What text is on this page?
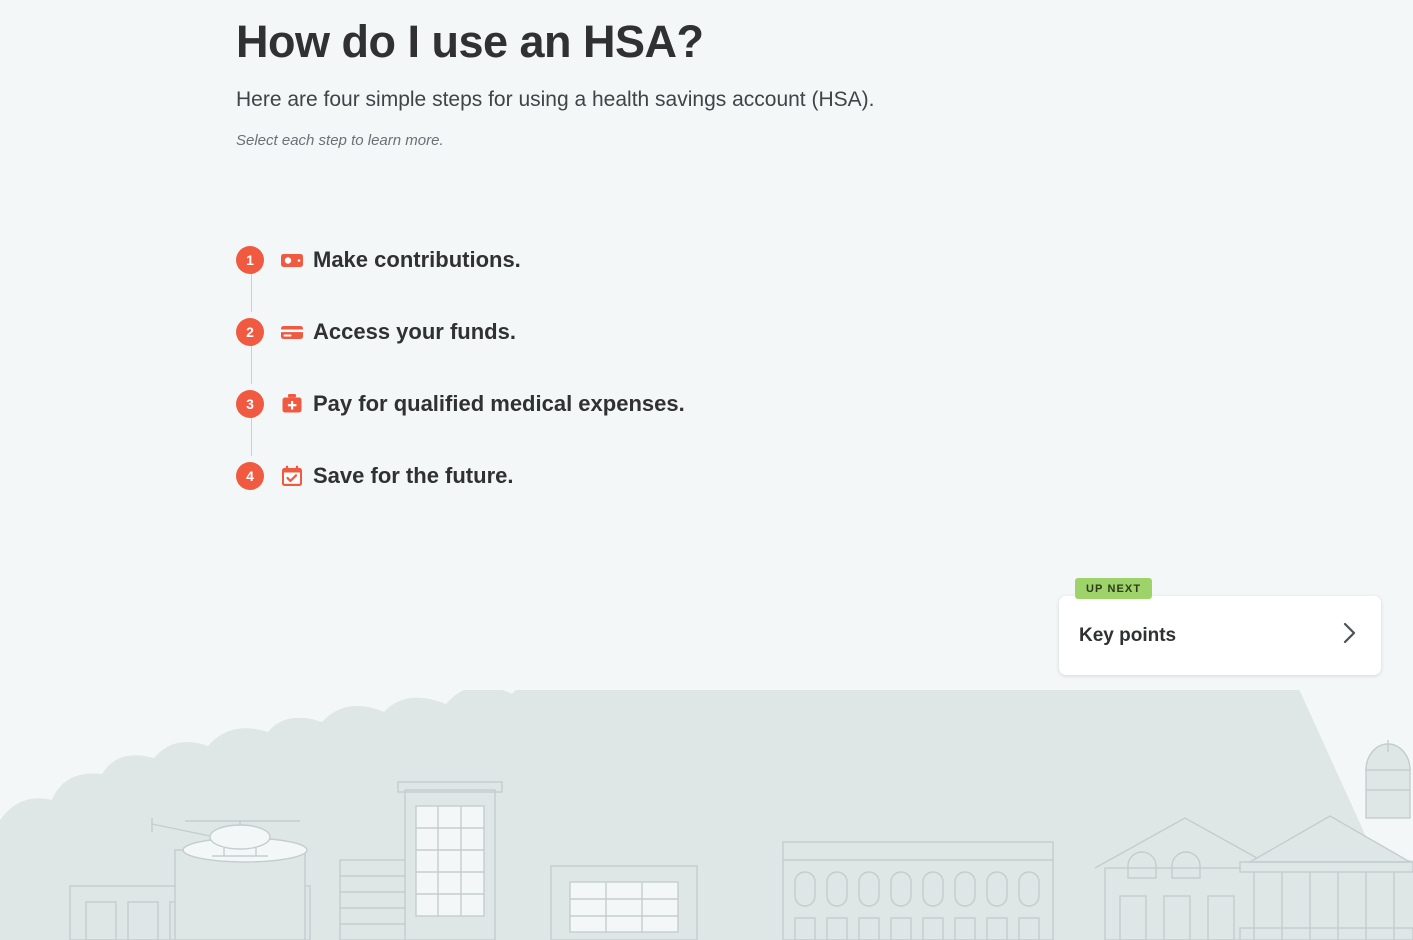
How do I use an HSA?

Here are four simple steps for using a health savings account (HSA).

Select each step to learn more.

1	Make contributions.
2	Access your funds.
3	Pay for qualified medical expenses.
4	Save for the future.
UP NEXT
Key points
